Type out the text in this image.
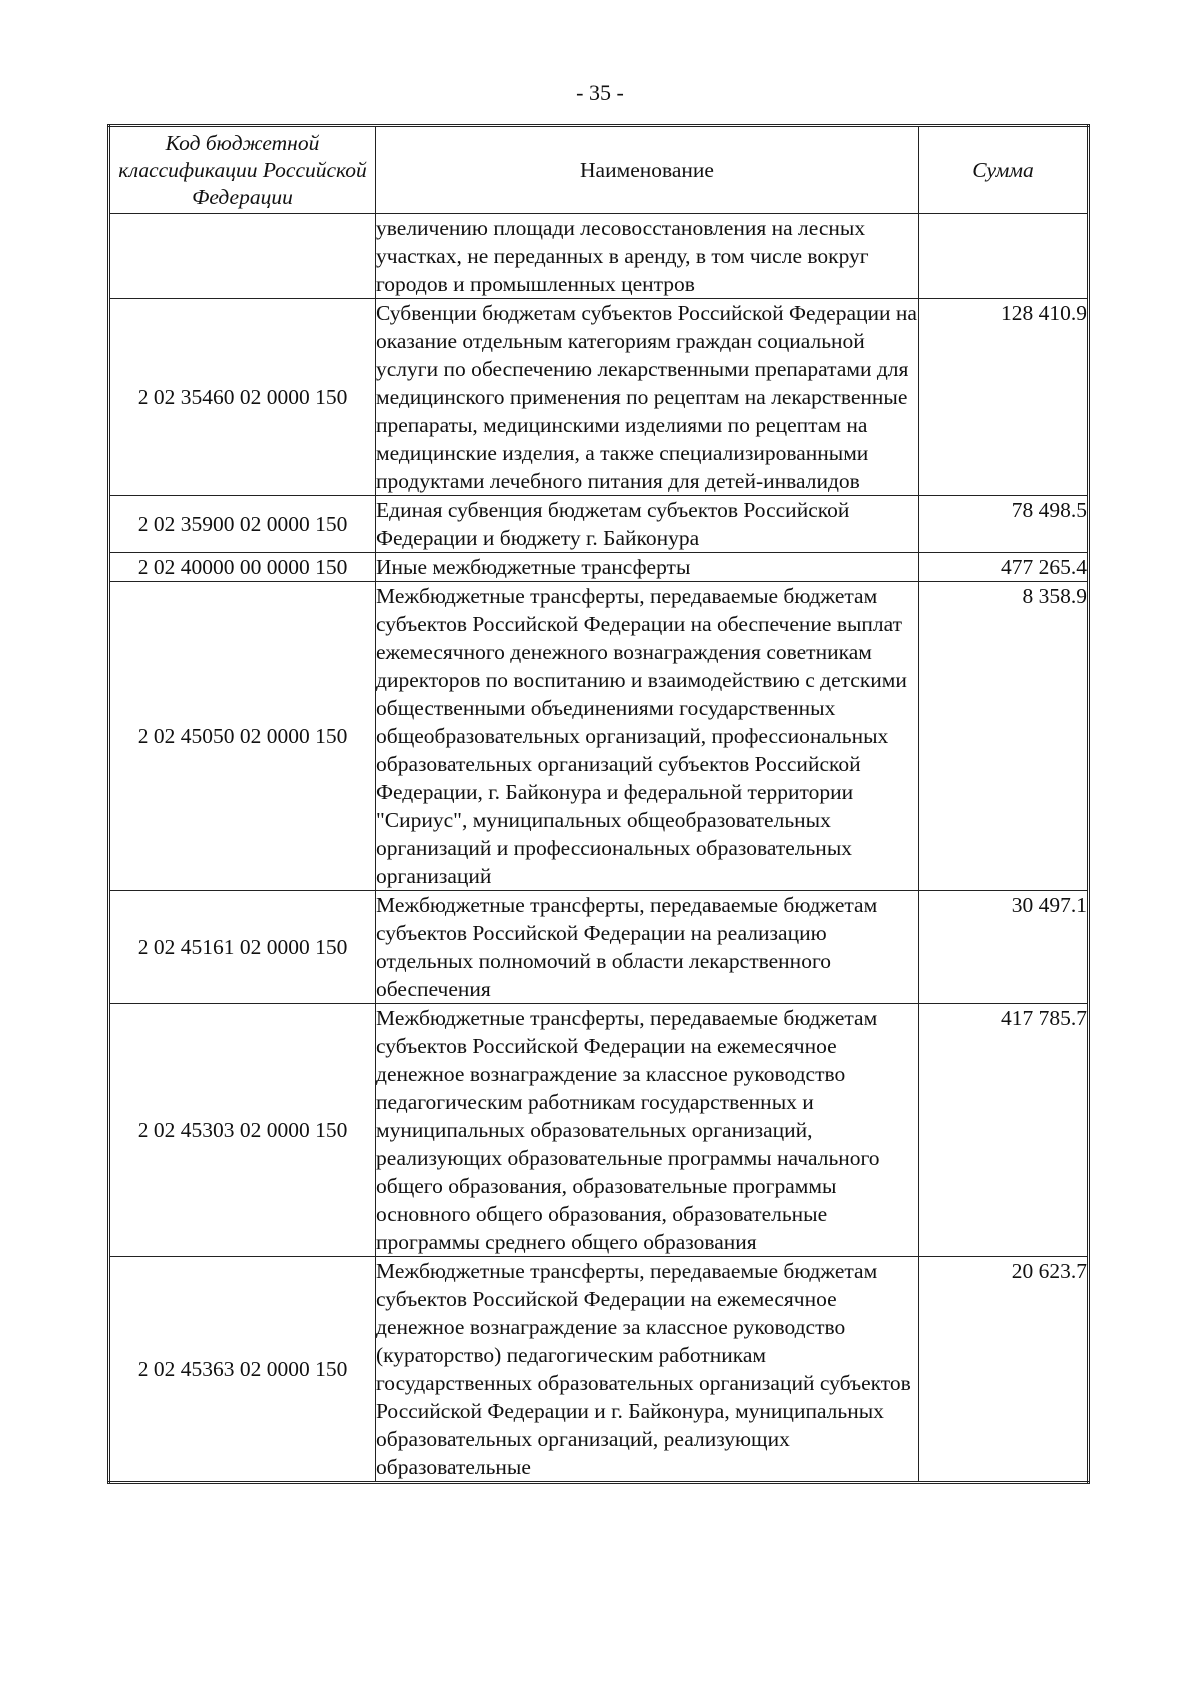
- 35 -
Код бюджетной классификации Российской Федерации	Наименование	Сумма
	увеличению площади лесовосстановления на лесных участках, не переданных в аренду, в том числе вокруг городов и промышленных центров	
2 02 35460 02 0000 150	Субвенции бюджетам субъектов Российской Федерации на оказание отдельным категориям граждан социальной услуги по обеспечению лекарственными препаратами для медицинского применения по рецептам на лекарственные препараты, медицинскими изделиями по рецептам на медицинские изделия, а также специализированными продуктами лечебного питания для детей-инвалидов	128 410.9
2 02 35900 02 0000 150	Единая субвенция бюджетам субъектов Российской Федерации и бюджету г. Байконура	78 498.5
2 02 40000 00 0000 150	Иные межбюджетные трансферты	477 265.4
2 02 45050 02 0000 150	Межбюджетные трансферты, передаваемые бюджетам субъектов Российской Федерации на обеспечение выплат ежемесячного денежного вознаграждения советникам директоров по воспитанию и взаимодействию с детскими общественными объединениями государственных общеобразовательных организаций, профессиональных образовательных организаций субъектов Российской Федерации, г. Байконура и федеральной территории "Сириус", муниципальных общеобразовательных организаций и профессиональных образовательных организаций	8 358.9
2 02 45161 02 0000 150	Межбюджетные трансферты, передаваемые бюджетам субъектов Российской Федерации на реализацию отдельных полномочий в области лекарственного обеспечения	30 497.1
2 02 45303 02 0000 150	Межбюджетные трансферты, передаваемые бюджетам субъектов Российской Федерации на ежемесячное денежное вознаграждение за классное руководство педагогическим работникам государственных и муниципальных образовательных организаций, реализующих образовательные программы начального общего образования, образовательные программы основного общего образования, образовательные программы среднего общего образования	417 785.7
2 02 45363 02 0000 150	Межбюджетные трансферты, передаваемые бюджетам субъектов Российской Федерации на ежемесячное денежное вознаграждение за классное руководство (кураторство) педагогическим работникам государственных образовательных организаций субъектов Российской Федерации и г. Байконура, муниципальных образовательных организаций, реализующих образовательные	20 623.7
